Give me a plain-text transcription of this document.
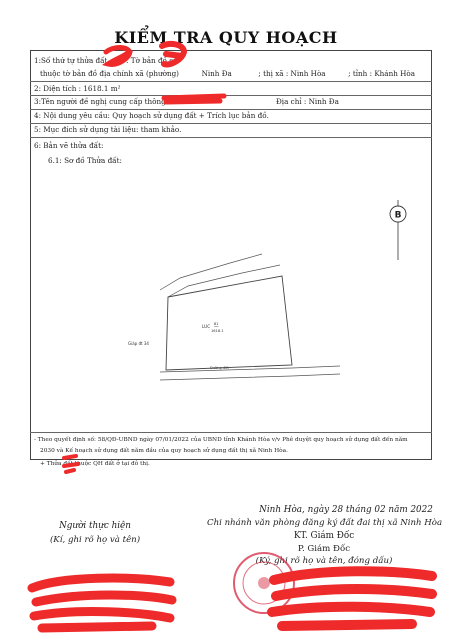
KIỂM TRA QUY HOẠCH
1:Số thứ tự thửa đất	: Tờ bản đồ số
thuộc tờ bản đồ địa chính xã (phường)	Ninh Đa	; thị xã : Ninh Hòa	; tỉnh : Khánh Hòa
2: Diện tích : 1618.1 m²
3:Tên người đề nghị cung cấp thông	Địa chỉ : Ninh Đa
4: Nội dung yêu cầu: Quy hoạch sử dụng đất + Trích lục bản đồ.
5: Mục đích sử dụng tài liệu: tham khảo.
6: Bản vẽ thửa đất:
6.1: Sơ đồ Thửa đất:
B
Đường đất
Giáp đt 34
LUC 81
1618.1
- Theo quyết định số: 58/QĐ-UBND ngày 07/01/2022 của UBND tỉnh Khánh Hòa v/v Phê duyệt quy hoạch sử dụng đất đến năm
2030 và Kế hoạch sử dụng đất năm đầu của quy hoạch sử dụng đất thị xã Ninh Hòa.
+ Thửa đất thuộc QH đất ở tại đô thị.
Ninh Hòa, ngày 28 tháng 02 năm 2022
Chi nhánh văn phòng đăng ký đất đai thị xã Ninh Hòa
KT. Giám Đốc
P. Giám Đốc
(Ký, ghi rõ họ và tên, đóng dấu)
Người thực hiện
(Kí, ghi rõ họ và tên)
